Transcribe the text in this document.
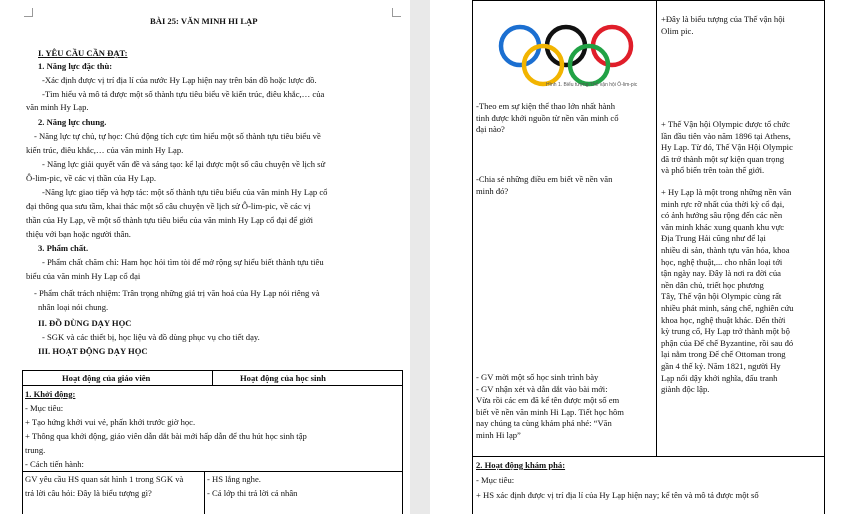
BÀI 25: VĂN MINH HI LẠP
I. YÊU CẦU CẦN ĐẠT:
1. Năng lực đặc thù:
-Xác định được vị trí địa lí của nước Hy Lạp hiện nay trên bản đồ hoặc lược đồ.
-Tìm hiểu và mô tả được một số thành tựu tiêu biểu về kiến trúc, điêu khắc,… của
văn minh Hy Lạp.
2. Năng lực chung.
- Năng lực tự chủ, tự học: Chủ động tích cực tìm hiểu một số thành tựu tiêu biểu về
kiến trúc, điêu khắc,… của văn minh Hy Lạp.
- Năng lực giải quyết vấn đề và sáng tạo: kể lại được một số câu chuyện về lịch sử
Ô-lim-pic, về các vị thần của Hy Lạp.
-Năng lực giao tiếp và hợp tác: một số thành tựu tiêu biểu của văn minh Hy Lạp cổ
đại thông qua sưu tầm, khai thác một số câu chuyện về lịch sử Ô-lim-pic, về các vị
thần của Hy Lạp, về một số thành tựu tiêu biểu của văn minh Hy Lạp cổ đại để giới
thiệu với bạn hoặc người thân.
3. Phẩm chất.
- Phẩm chất chăm chỉ: Ham học hỏi tìm tòi để mở rộng sự hiểu biết thành tựu tiêu
biểu của văn minh Hy Lạp cổ đại
- Phẩm chất trách nhiệm: Trân trọng những giá trị văn hoá của Hy Lạp nói riêng và
nhân loại nói chung.
II. ĐỒ DÙNG DẠY HỌC
- SGK và các thiết bị, học liệu và đồ dùng phục vụ cho tiết dạy.
III. HOẠT ĐỘNG DẠY HỌC
Hoạt động của giáo viên	Hoạt động của học sinh
1. Khởi động:
- Mục tiêu:
+ Tạo hứng khởi vui vẻ, phấn khởi trước giờ học.
+ Thông qua khởi động, giáo viên dẫn dắt bài mới hấp dẫn để thu hút học sinh tập
trung.
- Cách tiến hành:
GV yêu cầu HS quan sát hình 1 trong SGK và
trả lời câu hỏi: Đây là biểu tượng gì?
- HS lắng nghe.
- Cả lớp thi trả lời cả nhân
Hình 1. Biểu tượng Thế vận hội Ô-lim-pic
-Theo em sự kiện thể thao lớn nhất hành
tinh được khởi nguồn từ nền văn minh cổ
đại nào?
-Chia sẻ những điều em biết về nền văn
minh đó?
- GV mời một số học sinh trình bày
- GV nhận xét và dẫn dắt vào bài mới:
Vừa rồi các em đã kể tên được một số em
biết về nền văn minh Hi Lạp. Tiết học hôm
nay chúng ta cùng khám phá nhé: “Văn
minh Hi lạp”
+Đây là biểu tượng của Thế vận hội
Olim pic.
+ Thế Vận hội Olympic được tổ chức
lần đầu tiên vào năm 1896 tại Athens,
Hy Lạp. Từ đó, Thế Vận Hội Olympic
đã trở thành một sự kiện quan trọng
và phổ biến trên toàn thế giới.
+ Hy Lạp là một trong những nền văn
minh rực rỡ nhất của thời kỳ cổ đại,
có ảnh hưởng sâu rộng đến các nền
văn minh khác xung quanh khu vực
Địa Trung Hải cũng như để lại
nhiều di sản, thành tựu văn hóa, khoa
học, nghệ thuật,... cho nhân loại tới
tận ngày nay. Đây là nơi ra đời của
nền dân chủ, triết học phương
Tây, Thế vận hội Olympic cùng rất
nhiều phát minh, sáng chế, nghiên cứu
khoa học, nghệ thuật khác. Đến thời
kỳ trung cổ, Hy Lạp trở thành một bộ
phận của Đế chế Byzantine, rồi sau đó
lại nằm trong Đế chế Ottoman trong
gần 4 thế kỷ. Năm 1821, người Hy
Lạp nổi dậy khởi nghĩa, đấu tranh
giành độc lập.
2. Hoạt động khám phá:
- Mục tiêu:
+ HS xác định được vị trí địa lí của Hy Lạp hiện nay; kể tên và mô tả được một số
